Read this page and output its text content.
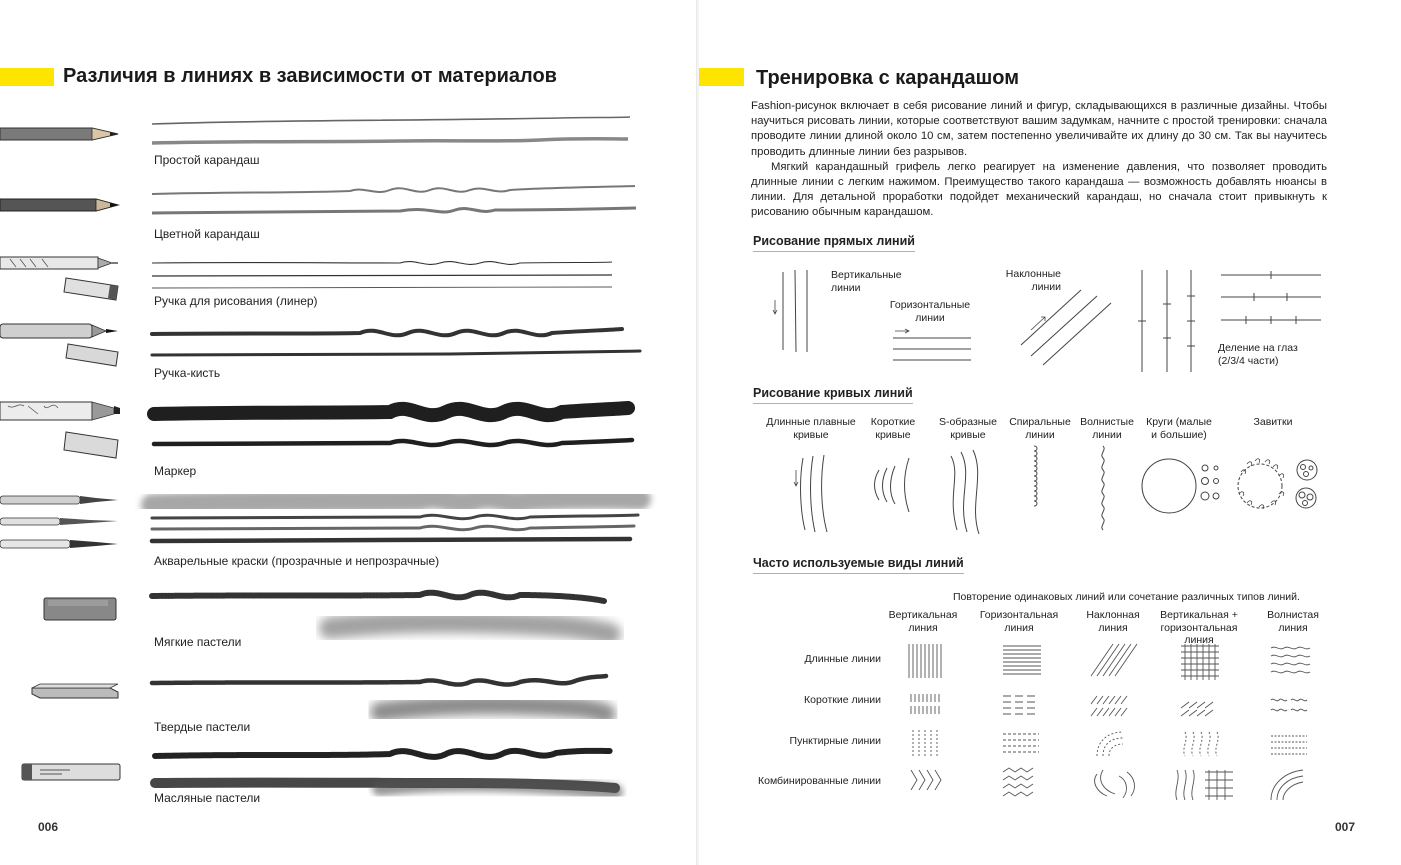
Различия в линиях в зависимости от материалов
Простой карандаш
Цветной карандаш
Ручка для рисования (линер)
Ручка-кисть
Маркер
Акварельные краски (прозрачные и непрозрачные)
Мягкие пастели
Твердые пастели
Масляные пастели
006
Тренировка с карандашом

Fashion-рисунок включает в себя рисование линий и фигур, складывающихся в различные дизайны. Чтобы научиться рисовать линии, которые соответствуют вашим задумкам, начните с простой тренировки: сначала проводите линии длиной около 10 см, затем постепенно увеличивайте их длину до 30 см. Так вы научитесь проводить длинные линии без разрывов.

Мягкий карандашный грифель легко реагирует на изменение давления, что позволяет проводить длинные линии с легким нажимом. Преимущество такого карандаша — возможность добавлять нюансы в линии. Для детальной проработки подойдет механический карандаш, но сначала стоит привыкнуть к рисованию обычным карандашом.

Рисование прямых линий
Вертикальные
линии
Горизонтальные
линии
Наклонные
линии
Деление на глаз
(2/3/4 части)
Рисование кривых линий
Длинные плавные
кривые
Короткие
кривые
S-образные
кривые
Спиральные
линии
Волнистые
линии
Круги (малые
и большие)
Завитки
Часто используемые виды линий
Повторение одинаковых линий или сочетание различных типов линий.
Вертикальная
линия
Горизонтальная
линия
Наклонная
линия
Вертикальная +
горизонтальная
линия
Волнистая
линия
Длинные линии
Короткие линии
Пунктирные линии
Комбинированные линии
007
